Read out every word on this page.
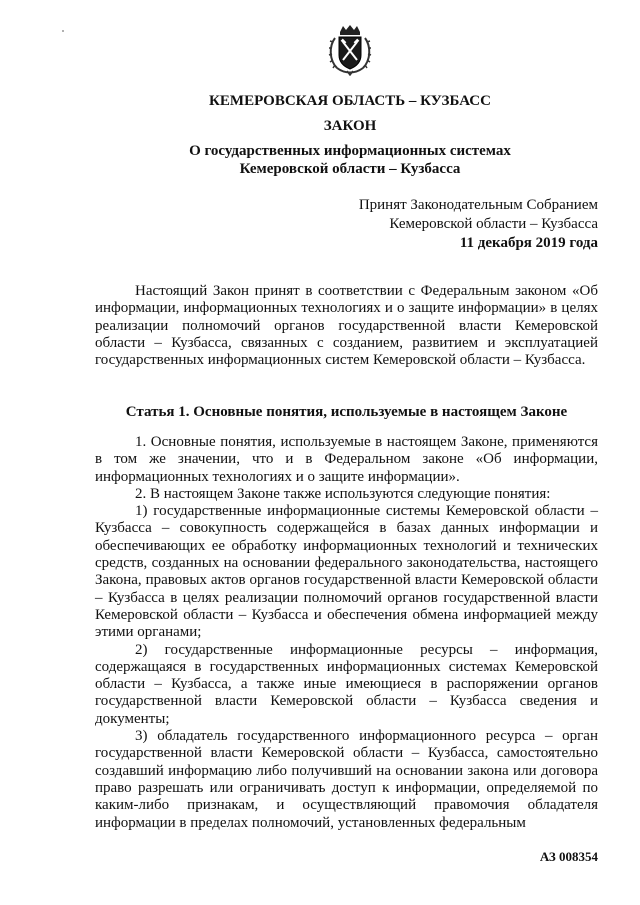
КЕМЕРОВСКАЯ ОБЛАСТЬ – КУЗБАСС
ЗАКОН
О государственных информационных системах
Кемеровской области – Кузбасса
Принят Законодательным Собранием
Кемеровской области – Кузбасса
11 декабря 2019 года

Настоящий Закон принят в соответствии с Федеральным законом «Об информации, информационных технологиях и о защите информации» в целях реализации полномочий органов государственной власти Кемеровской области – Кузбасса, связанных с созданием, развитием и эксплуатацией государственных информационных систем Кемеровской области – Кузбасса.

Статья 1. Основные понятия, используемые в настоящем Законе

1. Основные понятия, используемые в настоящем Законе, применяются в том же значении, что и в Федеральном законе «Об информации, информационных технологиях и о защите информации».

2. В настоящем Законе также используются следующие понятия:

1) государственные информационные системы Кемеровской области – Кузбасса – совокупность содержащейся в базах данных информации и обеспечивающих ее обработку информационных технологий и технических средств, созданных на основании федерального законодательства, настоящего Закона, правовых актов органов государственной власти Кемеровской области – Кузбасса в целях реализации полномочий органов государственной власти Кемеровской области – Кузбасса и обеспечения обмена информацией между этими органами;

2) государственные информационные ресурсы – информация, содержащаяся в государственных информационных системах Кемеровской области – Кузбасса, а также иные имеющиеся в распоряжении органов государственной власти Кемеровской области – Кузбасса сведения и документы;

3) обладатель государственного информационного ресурса – орган государственной власти Кемеровской области – Кузбасса, самостоятельно создавший информацию либо получивший на основании закона или договора право разрешать или ограничивать доступ к информации, определяемой по каким-либо признакам, и осуществляющий правомочия обладателя информации в пределах полномочий, установленных федеральным

АЗ 008354
